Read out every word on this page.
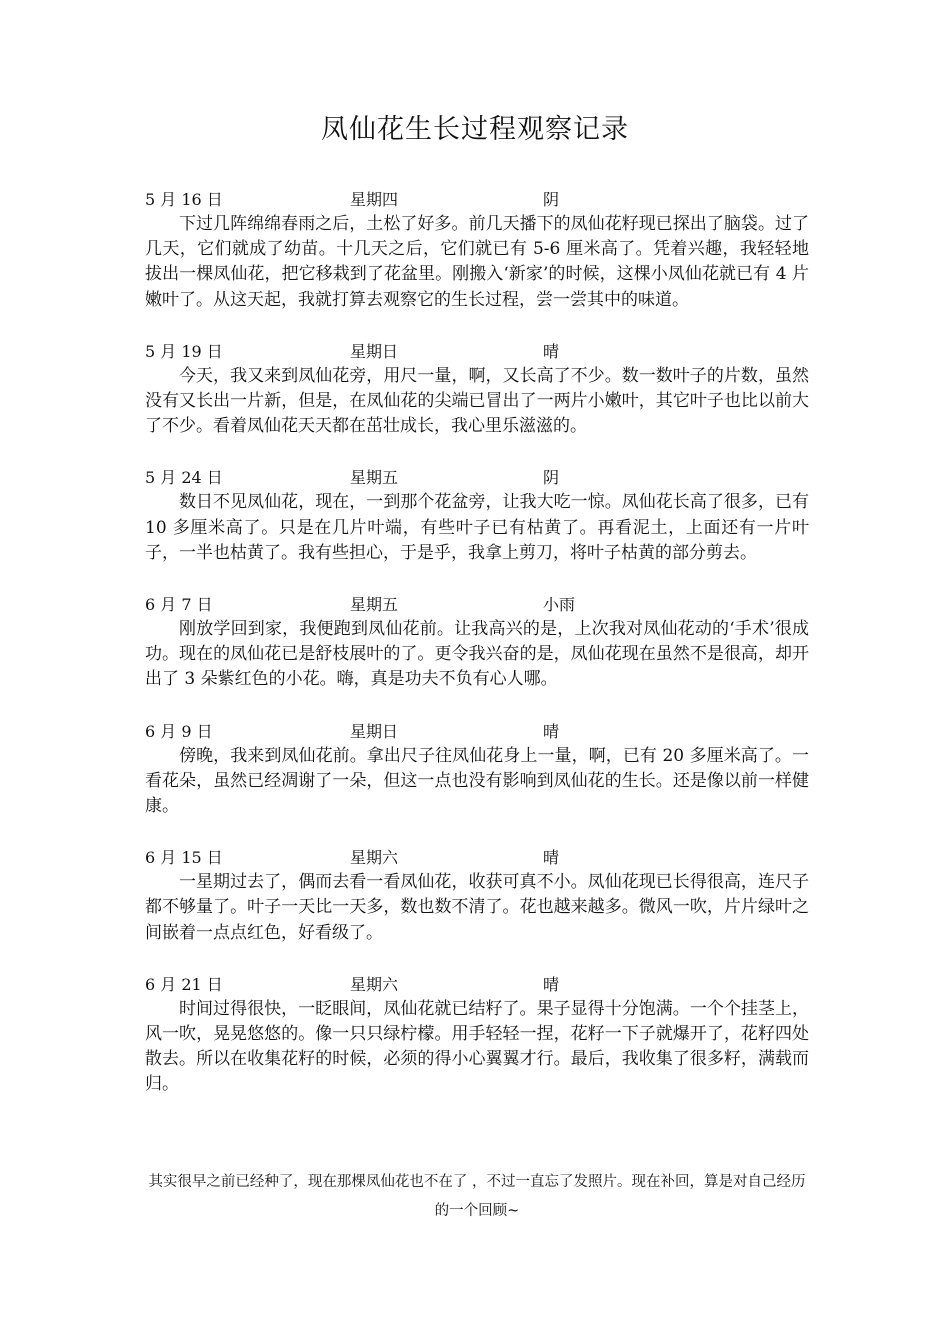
凤仙花生长过程观察记录
5 月 16 日	星期四	阴

下过几阵绵绵春雨之后，土松了好多。前几天播下的凤仙花籽现已探出了脑袋。过了几天，它们就成了幼苗。十几天之后，它们就已有 5-6 厘米高了。凭着兴趣，我轻轻地拔出一棵凤仙花，把它移栽到了花盆里。刚搬入‘新家’的时候，这棵小凤仙花就已有 4 片嫩叶了。从这天起，我就打算去观察它的生长过程，尝一尝其中的味道。

5 月 19 日	星期日	晴

今天，我又来到凤仙花旁，用尺一量，啊，又长高了不少。数一数叶子的片数，虽然没有又长出一片新，但是，在凤仙花的尖端已冒出了一两片小嫩叶，其它叶子也比以前大了不少。看着凤仙花天天都在茁壮成长，我心里乐滋滋的。

5 月 24 日	星期五	阴

数日不见凤仙花，现在，一到那个花盆旁，让我大吃一惊。凤仙花长高了很多，已有 10 多厘米高了。只是在几片叶端，有些叶子已有枯黄了。再看泥土，上面还有一片叶子，一半也枯黄了。我有些担心，于是乎，我拿上剪刀，将叶子枯黄的部分剪去。

6 月 7 日	星期五	小雨

刚放学回到家，我便跑到凤仙花前。让我高兴的是，上次我对凤仙花动的‘手术’很成功。现在的凤仙花已是舒枝展叶的了。更令我兴奋的是，凤仙花现在虽然不是很高，却开出了 3 朵紫红色的小花。嗨，真是功夫不负有心人哪。

6 月 9 日	星期日	晴

傍晚，我来到凤仙花前。拿出尺子往凤仙花身上一量，啊，已有 20 多厘米高了。一看花朵，虽然已经凋谢了一朵，但这一点也没有影响到凤仙花的生长。还是像以前一样健康。

6 月 15 日	星期六	晴

一星期过去了，偶而去看一看凤仙花，收获可真不小。凤仙花现已长得很高，连尺子都不够量了。叶子一天比一天多，数也数不清了。花也越来越多。微风一吹，片片绿叶之间嵌着一点点红色，好看级了。

6 月 21 日	星期六	晴

时间过得很快，一眨眼间，凤仙花就已结籽了。果子显得十分饱满。一个个挂茎上，风一吹，晃晃悠悠的。像一只只绿柠檬。用手轻轻一捏，花籽一下子就爆开了，花籽四处散去。所以在收集花籽的时候，必须的得小心翼翼才行。最后，我收集了很多籽，满载而归。

其实很早之前已经种了，现在那棵凤仙花也不在了 ，不过一直忘了发照片。现在补回，算是对自己经历的一个回顾~
